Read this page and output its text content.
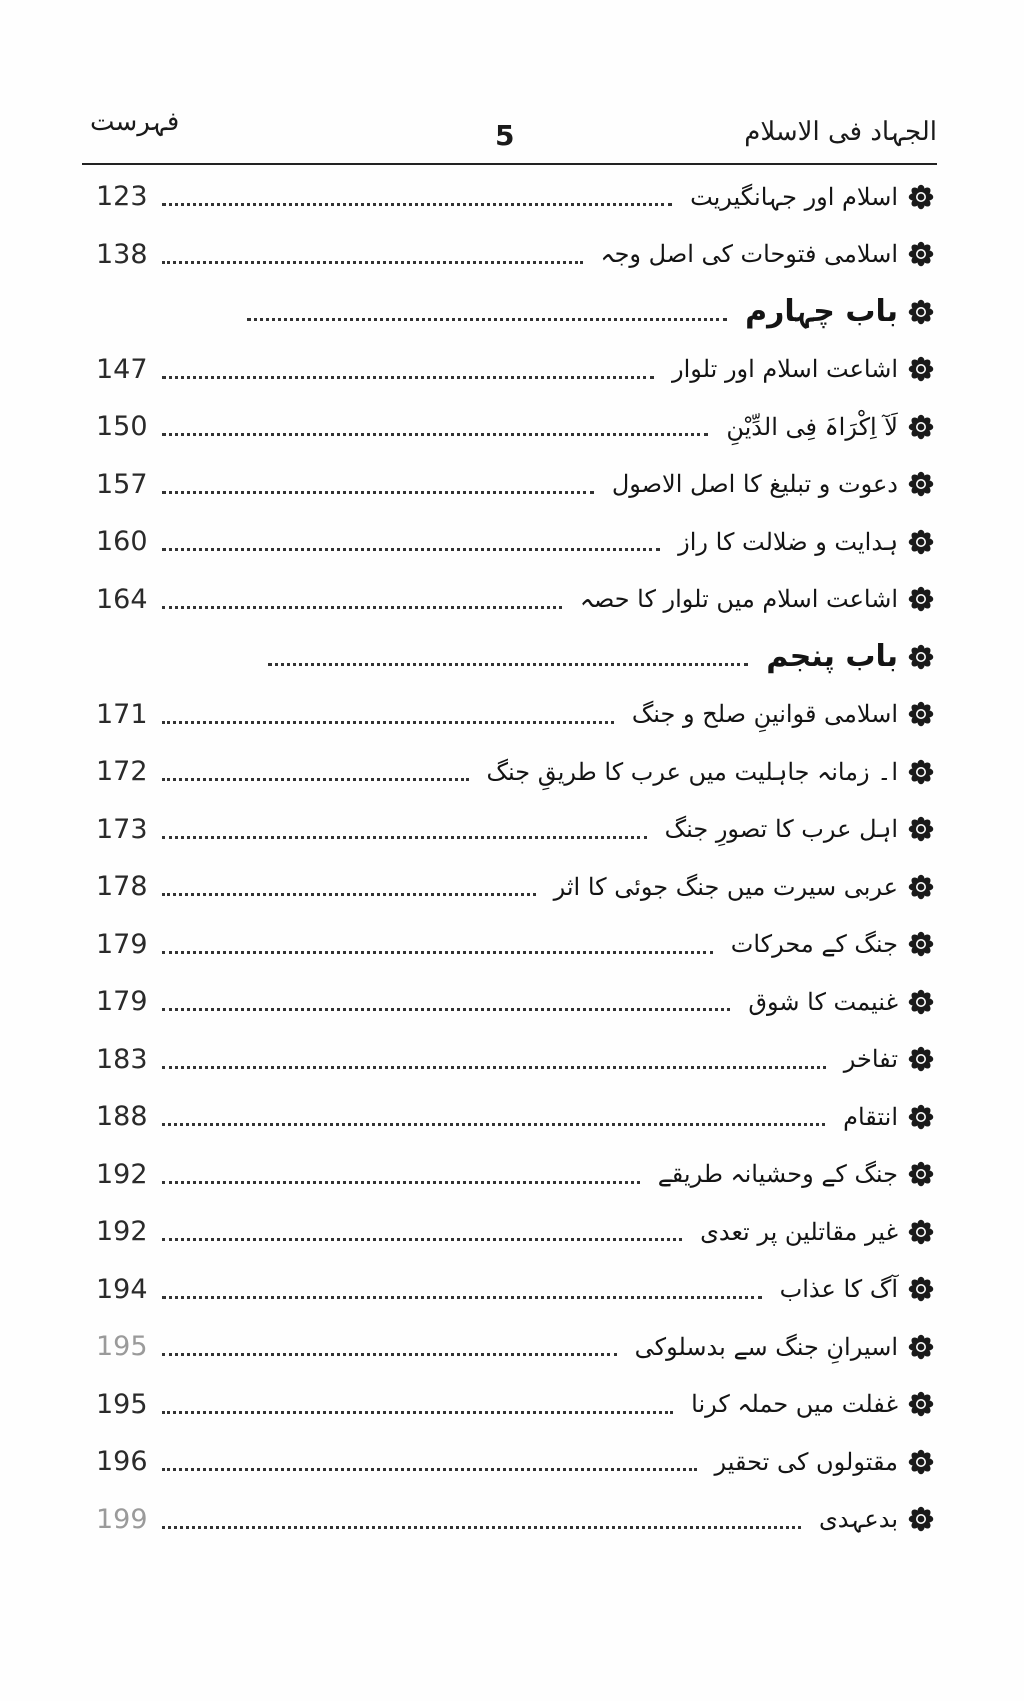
الجہاد فی الاسلام
5
فہرست
اسلام اور جہانگیریت
123
اسلامی فتوحات کی اصل وجہ
138
باب چہارم
اشاعت اسلام اور تلوار
147
لَآ اِکْرَاہَ فِی الدِّیْنِ
150
دعوت و تبلیغ کا اصل الاصول
157
ہدایت و ضلالت کا راز
160
اشاعت اسلام میں تلوار کا حصہ
164
باب پنجم
اسلامی قوانینِ صلح و جنگ
171
ا۔ زمانہ جاہلیت میں عرب کا طریقِ جنگ
172
اہل عرب کا تصورِ جنگ
173
عربی سیرت میں جنگ جوئی کا اثر
178
جنگ کے محرکات
179
غنیمت کا شوق
179
تفاخر
183
انتقام
188
جنگ کے وحشیانہ طریقے
192
غیر مقاتلین پر تعدی
192
آگ کا عذاب
194
اسیرانِ جنگ سے بدسلوکی
195
غفلت میں حملہ کرنا
195
مقتولوں کی تحقیر
196
بدعہدی
199
